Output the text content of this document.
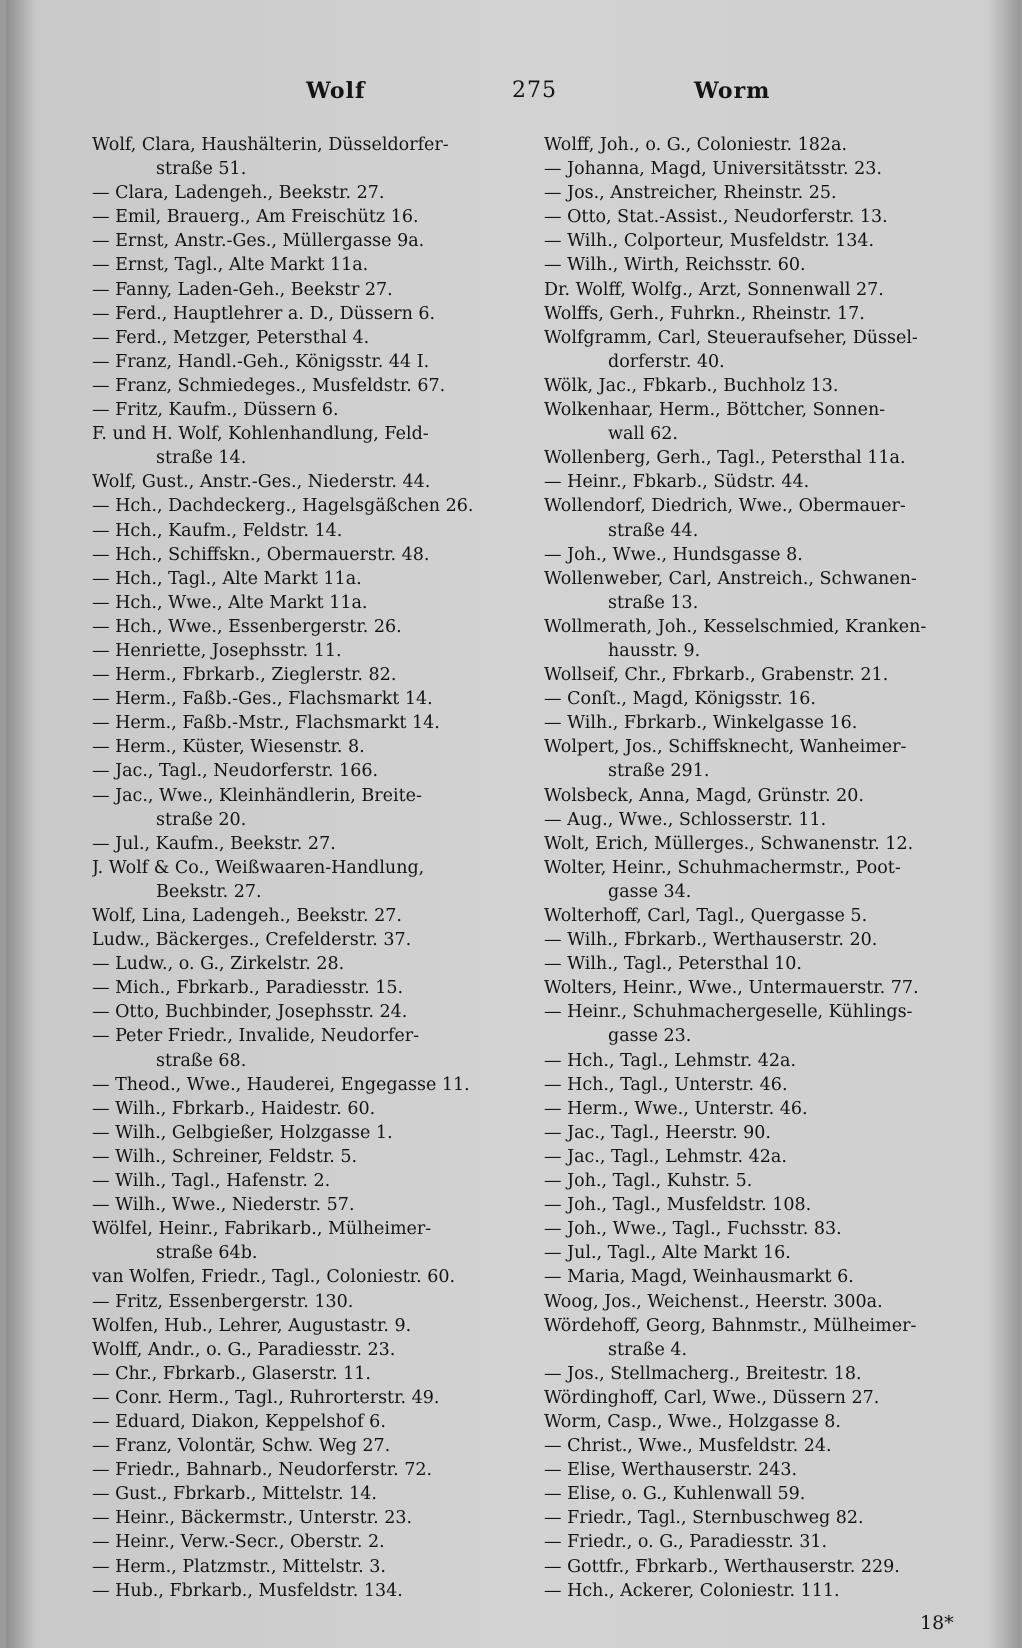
Wolf	275	Worm
Wolf, Clara, Haushälterin, Düsseldorfer-
straße 51.
— Clara, Ladengeh., Beekstr. 27.
— Emil, Brauerg., Am Freischütz 16.
— Ernst, Anstr.-Ges., Müllergasse 9a.
— Ernst, Tagl., Alte Markt 11a.
— Fanny, Laden-Geh., Beekstr 27.
— Ferd., Hauptlehrer a. D., Düssern 6.
— Ferd., Metzger, Petersthal 4.
— Franz, Handl.-Geh., Königsstr. 44 I.
— Franz, Schmiedeges., Musfeldstr. 67.
— Fritz, Kaufm., Düssern 6.
F. und H. Wolf, Kohlenhandlung, Feld-
straße 14.
Wolf, Gust., Anstr.-Ges., Niederstr. 44.
— Hch., Dachdeckerg., Hagelsgäßchen 26.
— Hch., Kaufm., Feldstr. 14.
— Hch., Schiffskn., Obermauerstr. 48.
— Hch., Tagl., Alte Markt 11a.
— Hch., Wwe., Alte Markt 11a.
— Hch., Wwe., Essenbergerstr. 26.
— Henriette, Josephsstr. 11.
— Herm., Fbrkarb., Zieglerstr. 82.
— Herm., Faßb.-Ges., Flachsmarkt 14.
— Herm., Faßb.-Mstr., Flachsmarkt 14.
— Herm., Küster, Wiesenstr. 8.
— Jac., Tagl., Neudorferstr. 166.
— Jac., Wwe., Kleinhändlerin, Breite-
straße 20.
— Jul., Kaufm., Beekstr. 27.
J. Wolf & Co., Weißwaaren-Handlung,
Beekstr. 27.
Wolf, Lina, Ladengeh., Beekstr. 27.
Ludw., Bäckerges., Crefelderstr. 37.
— Ludw., o. G., Zirkelstr. 28.
— Mich., Fbrkarb., Paradiesstr. 15.
— Otto, Buchbinder, Josephsstr. 24.
— Peter Friedr., Invalide, Neudorfer-
straße 68.
— Theod., Wwe., Hauderei, Engegasse 11.
— Wilh., Fbrkarb., Haidestr. 60.
— Wilh., Gelbgießer, Holzgasse 1.
— Wilh., Schreiner, Feldstr. 5.
— Wilh., Tagl., Hafenstr. 2.
— Wilh., Wwe., Niederstr. 57.
Wölfel, Heinr., Fabrikarb., Mülheimer-
straße 64b.
van Wolfen, Friedr., Tagl., Coloniestr. 60.
— Fritz, Essenbergerstr. 130.
Wolfen, Hub., Lehrer, Augustastr. 9.
Wolff, Andr., o. G., Paradiesstr. 23.
— Chr., Fbrkarb., Glaserstr. 11.
— Conr. Herm., Tagl., Ruhrorterstr. 49.
— Eduard, Diakon, Keppelshof 6.
— Franz, Volontär, Schw. Weg 27.
— Friedr., Bahnarb., Neudorferstr. 72.
— Gust., Fbrkarb., Mittelstr. 14.
— Heinr., Bäckermstr., Unterstr. 23.
— Heinr., Verw.-Secr., Oberstr. 2.
— Herm., Platzmstr., Mittelstr. 3.
— Hub., Fbrkarb., Musfeldstr. 134.
Wolff, Joh., o. G., Coloniestr. 182a.
— Johanna, Magd, Universitätsstr. 23.
— Jos., Anstreicher, Rheinstr. 25.
— Otto, Stat.-Assist., Neudorferstr. 13.
— Wilh., Colporteur, Musfeldstr. 134.
— Wilh., Wirth, Reichsstr. 60.
Dr. Wolff, Wolfg., Arzt, Sonnenwall 27.
Wolffs, Gerh., Fuhrkn., Rheinstr. 17.
Wolfgramm, Carl, Steueraufseher, Düssel-
dorferstr. 40.
Wölk, Jac., Fbkarb., Buchholz 13.
Wolkenhaar, Herm., Böttcher, Sonnen-
wall 62.
Wollenberg, Gerh., Tagl., Petersthal 11a.
— Heinr., Fbkarb., Südstr. 44.
Wollendorf, Diedrich, Wwe., Obermauer-
straße 44.
— Joh., Wwe., Hundsgasse 8.
Wollenweber, Carl, Anstreich., Schwanen-
straße 13.
Wollmerath, Joh., Kesselschmied, Kranken-
hausstr. 9.
Wollseif, Chr., Fbrkarb., Grabenstr. 21.
— Conſt., Magd, Königsstr. 16.
— Wilh., Fbrkarb., Winkelgasse 16.
Wolpert, Jos., Schiffsknecht, Wanheimer-
straße 291.
Wolsbeck, Anna, Magd, Grünstr. 20.
— Aug., Wwe., Schlosserstr. 11.
Wolt, Erich, Müllerges., Schwanenstr. 12.
Wolter, Heinr., Schuhmachermstr., Poot-
gasse 34.
Wolterhoff, Carl, Tagl., Quergasse 5.
— Wilh., Fbrkarb., Werthauserstr. 20.
— Wilh., Tagl., Petersthal 10.
Wolters, Heinr., Wwe., Untermauerstr. 77.
— Heinr., Schuhmachergeselle, Kühlings-
gasse 23.
— Hch., Tagl., Lehmstr. 42a.
— Hch., Tagl., Unterstr. 46.
— Herm., Wwe., Unterstr. 46.
— Jac., Tagl., Heerstr. 90.
— Jac., Tagl., Lehmstr. 42a.
— Joh., Tagl., Kuhstr. 5.
— Joh., Tagl., Musfeldstr. 108.
— Joh., Wwe., Tagl., Fuchsstr. 83.
— Jul., Tagl., Alte Markt 16.
— Maria, Magd, Weinhausmarkt 6.
Woog, Jos., Weichenst., Heerstr. 300a.
Wördehoff, Georg, Bahnmstr., Mülheimer-
straße 4.
— Jos., Stellmacherg., Breitestr. 18.
Wördinghoff, Carl, Wwe., Düssern 27.
Worm, Casp., Wwe., Holzgasse 8.
— Christ., Wwe., Musfeldstr. 24.
— Elise, Werthauserstr. 243.
— Elise, o. G., Kuhlenwall 59.
— Friedr., Tagl., Sternbuschweg 82.
— Friedr., o. G., Paradiesstr. 31.
— Gottfr., Fbrkarb., Werthauserstr. 229.
— Hch., Ackerer, Coloniestr. 111.
18*
